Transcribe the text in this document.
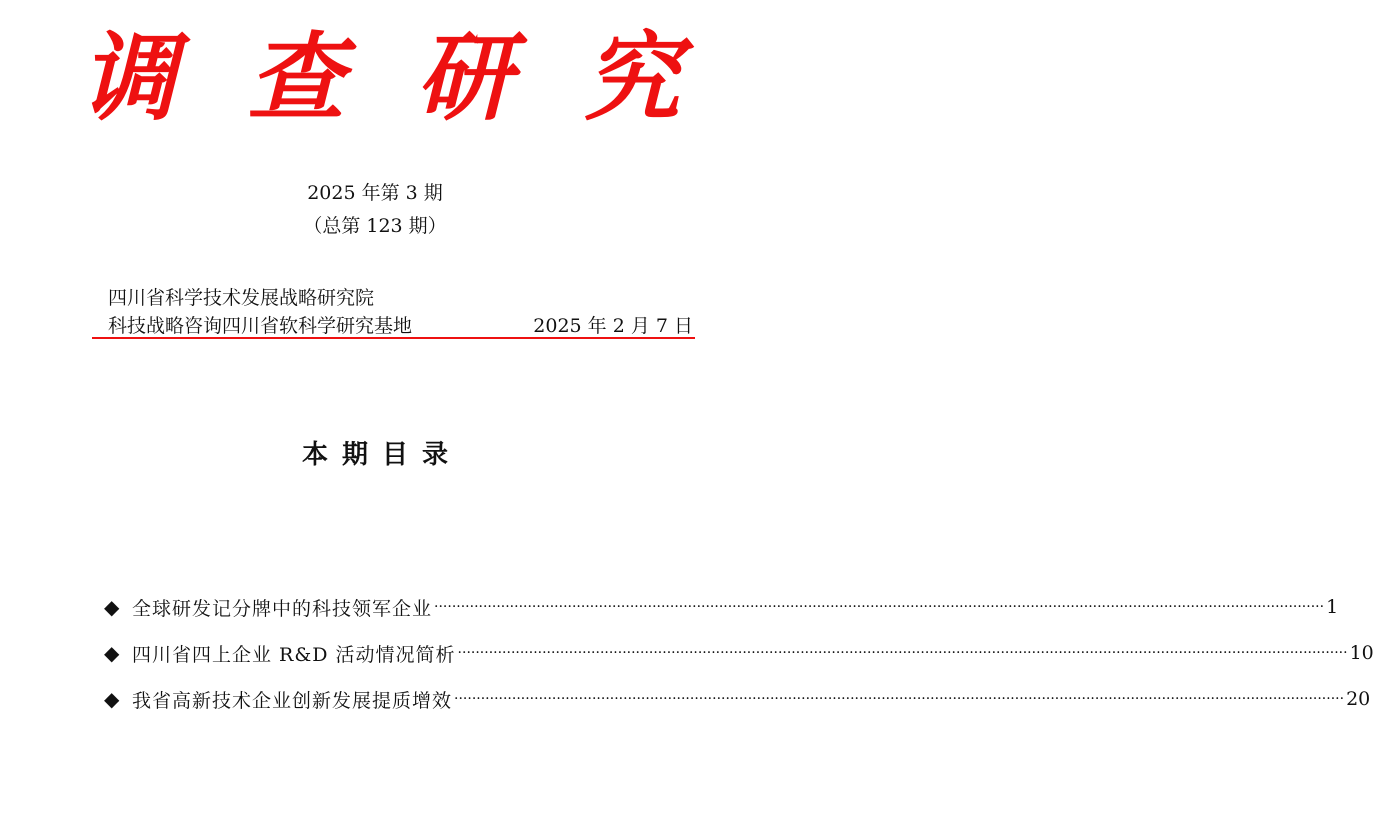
调 查 研 究
2025 年第 3 期
（总第 123 期）
四川省科学技术发展战略研究院
科技战略咨询四川省软科学研究基地	2025 年 2 月 7 日
本期目录
◆ 全球研发记分牌中的科技领军企业 ········································································································································································································ 1
◆ 四川省四上企业 R&D 活动情况简析 ········································································································································································································ 10
◆ 我省高新技术企业创新发展提质增效 ········································································································································································································ 20
